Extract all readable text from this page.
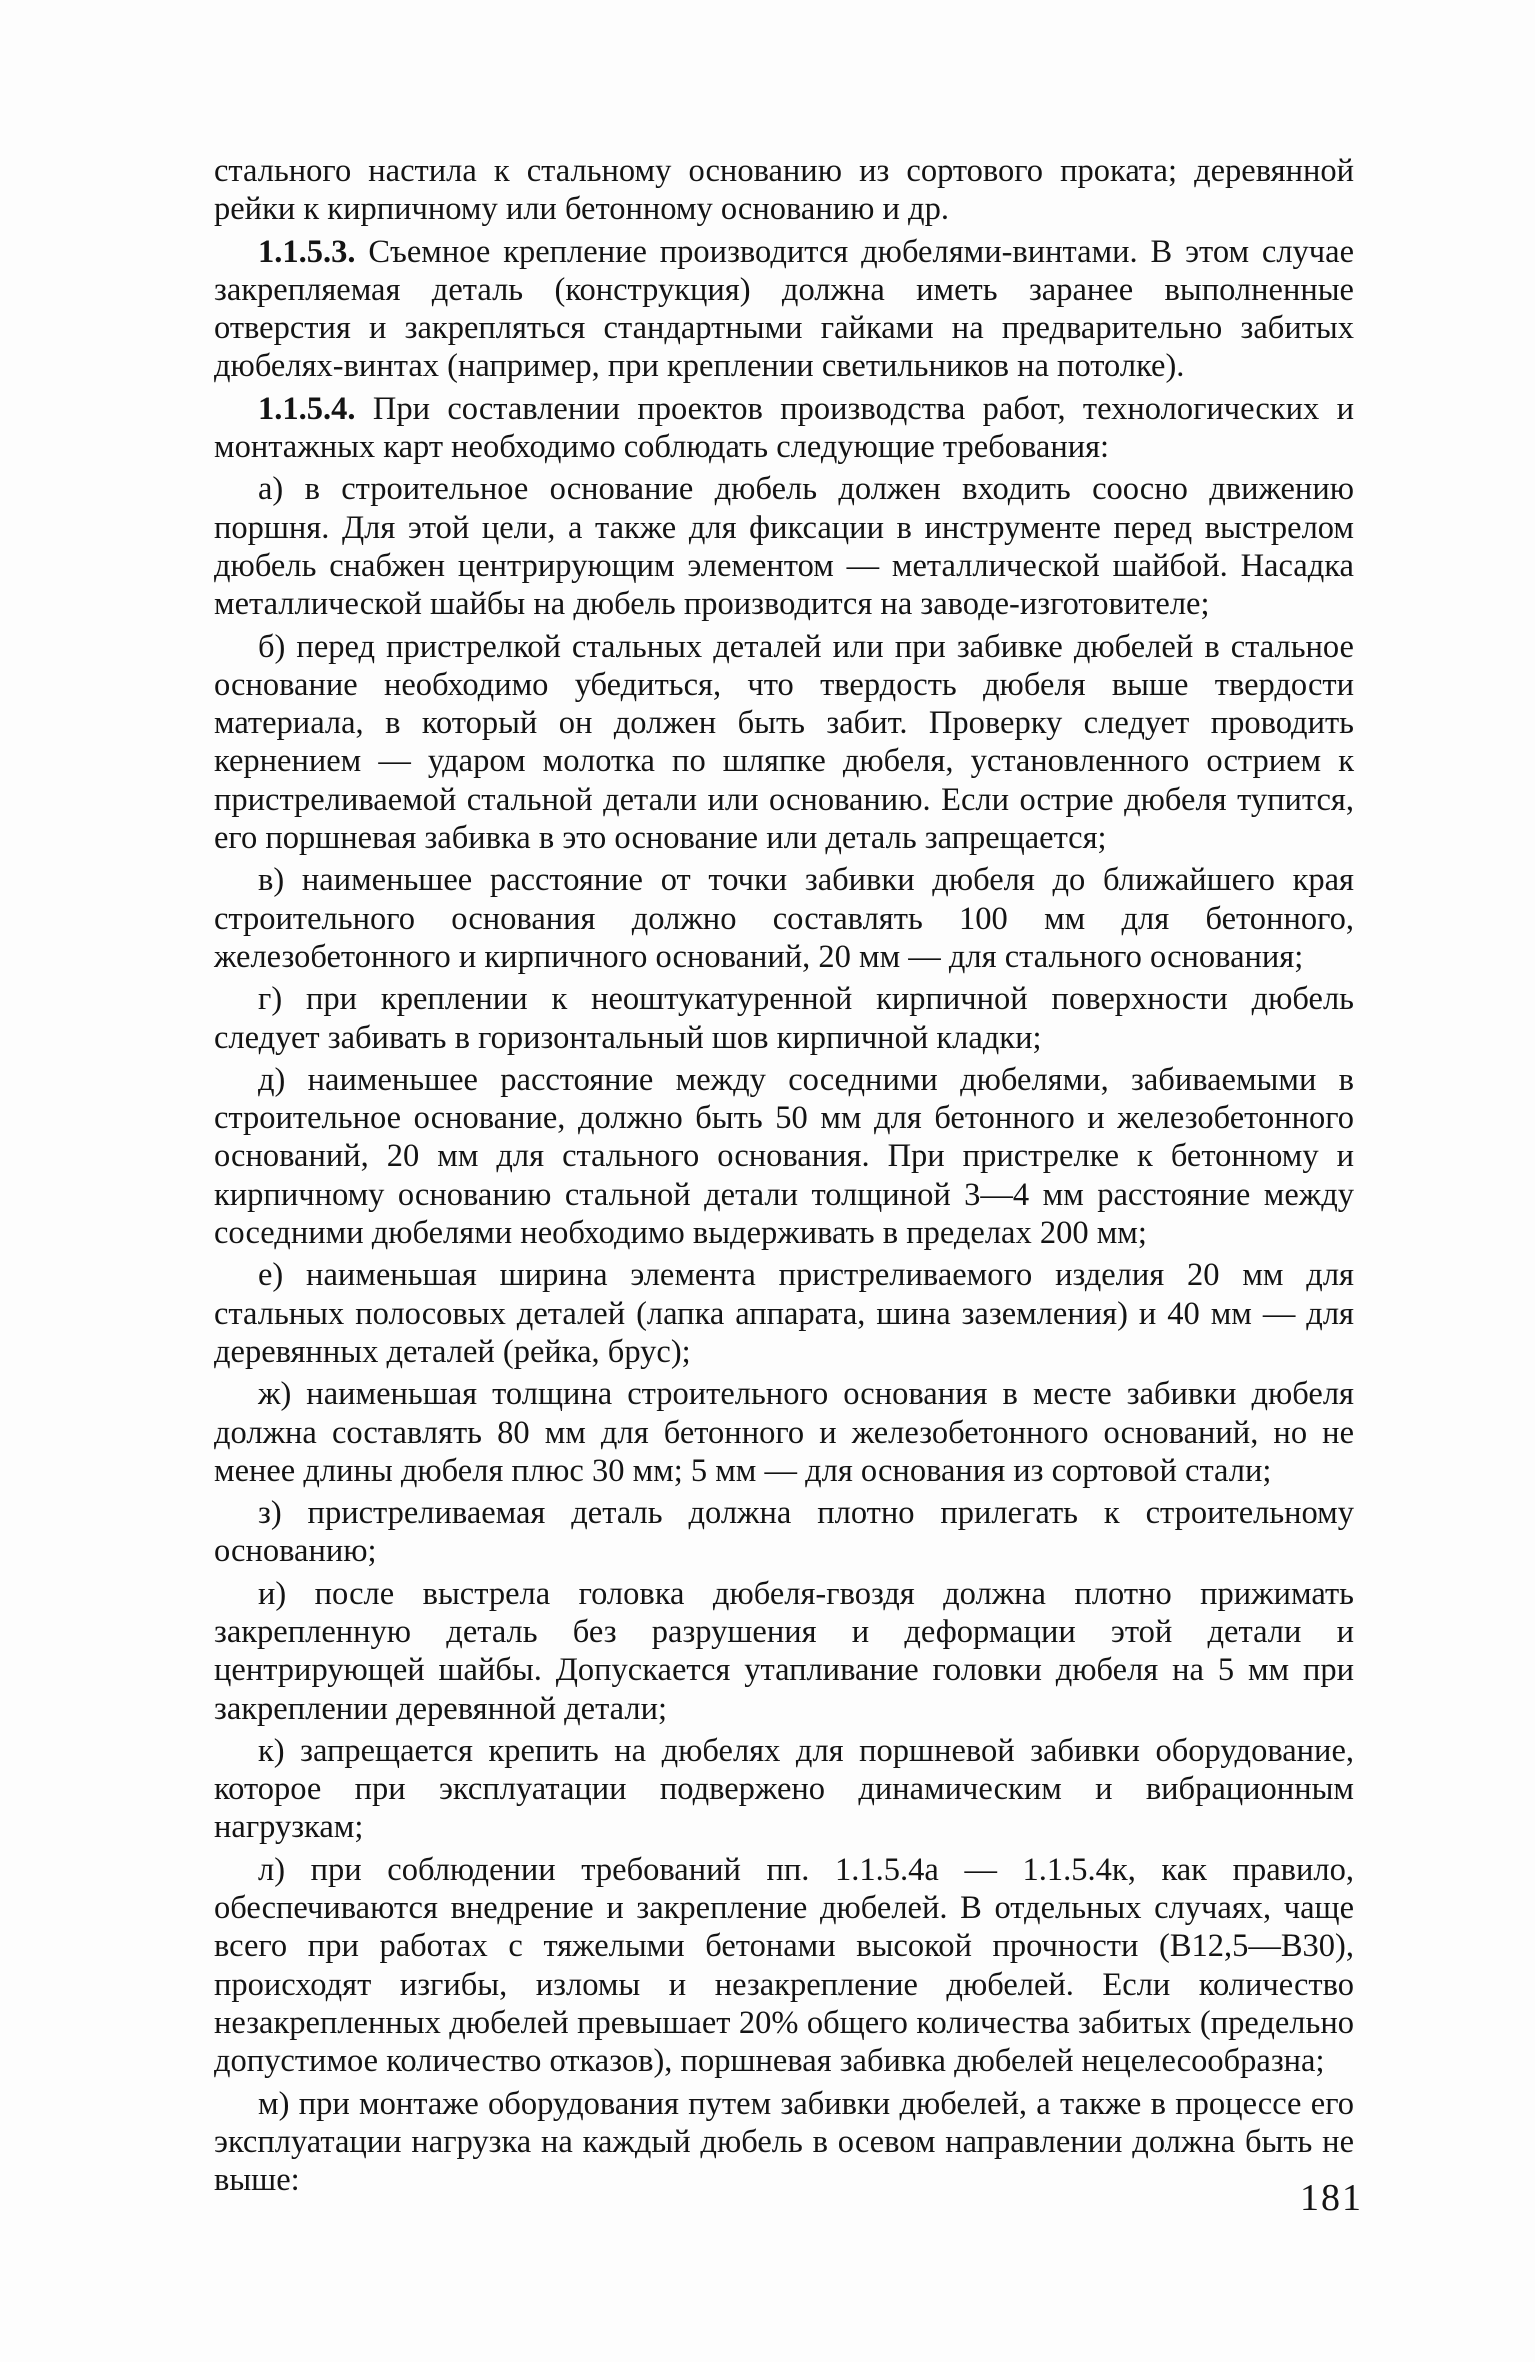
стального настила к стальному основанию из сортового проката; деревянной рейки к кирпичному или бетонному основанию и др.

1.1.5.3. Съемное крепление производится дюбелями-винтами. В этом случае закрепляемая деталь (конструкция) должна иметь заранее выполненные отверстия и закрепляться стандартными гайками на предварительно забитых дюбелях-винтах (например, при креплении светильников на потолке).

1.1.5.4. При составлении проектов производства работ, технологических и монтажных карт необходимо соблюдать следующие требования:

а) в строительное основание дюбель должен входить соосно движению поршня. Для этой цели, а также для фиксации в инструменте перед выстрелом дюбель снабжен центрирующим элементом — металлической шайбой. Насадка металлической шайбы на дюбель производится на заводе-изготовителе;

б) перед пристрелкой стальных деталей или при забивке дюбелей в стальное основание необходимо убедиться, что твердость дюбеля выше твердости материала, в который он должен быть забит. Проверку следует проводить кернением — ударом молотка по шляпке дюбеля, установленного острием к пристреливаемой стальной детали или основанию. Если острие дюбеля тупится, его поршневая забивка в это основание или деталь запрещается;

в) наименьшее расстояние от точки забивки дюбеля до ближайшего края строительного основания должно составлять 100 мм для бетонного, железобетонного и кирпичного оснований, 20 мм — для стального основания;

г) при креплении к неоштукатуренной кирпичной поверхности дюбель следует забивать в горизонтальный шов кирпичной кладки;

д) наименьшее расстояние между соседними дюбелями, забиваемыми в строительное основание, должно быть 50 мм для бетонного и железобетонного оснований, 20 мм для стального основания. При пристрелке к бетонному и кирпичному основанию стальной детали толщиной 3—4 мм расстояние между соседними дюбелями необходимо выдерживать в пределах 200 мм;

е) наименьшая ширина элемента пристреливаемого изделия 20 мм для стальных полосовых деталей (лапка аппарата, шина заземления) и 40 мм — для деревянных деталей (рейка, брус);

ж) наименьшая толщина строительного основания в месте забивки дюбеля должна составлять 80 мм для бетонного и железобетонного оснований, но не менее длины дюбеля плюс 30 мм; 5 мм — для основания из сортовой стали;

з) пристреливаемая деталь должна плотно прилегать к строительному основанию;

и) после выстрела головка дюбеля-гвоздя должна плотно прижимать закрепленную деталь без разрушения и деформации этой детали и центрирующей шайбы. Допускается утапливание головки дюбеля на 5 мм при закреплении деревянной детали;

к) запрещается крепить на дюбелях для поршневой забивки оборудование, которое при эксплуатации подвержено динамическим и вибрационным нагрузкам;

л) при соблюдении требований пп. 1.1.5.4а — 1.1.5.4к, как правило, обеспечиваются внедрение и закрепление дюбелей. В отдельных случаях, чаще всего при работах с тяжелыми бетонами высокой прочности (В12,5—В30), происходят изгибы, изломы и незакрепление дюбелей. Если количество незакрепленных дюбелей превышает 20% общего количества забитых (предельно допустимое количество отказов), поршневая забивка дюбелей нецелесообразна;

м) при монтаже оборудования путем забивки дюбелей, а также в процессе его эксплуатации нагрузка на каждый дюбель в осевом направлении должна быть не выше:	181
